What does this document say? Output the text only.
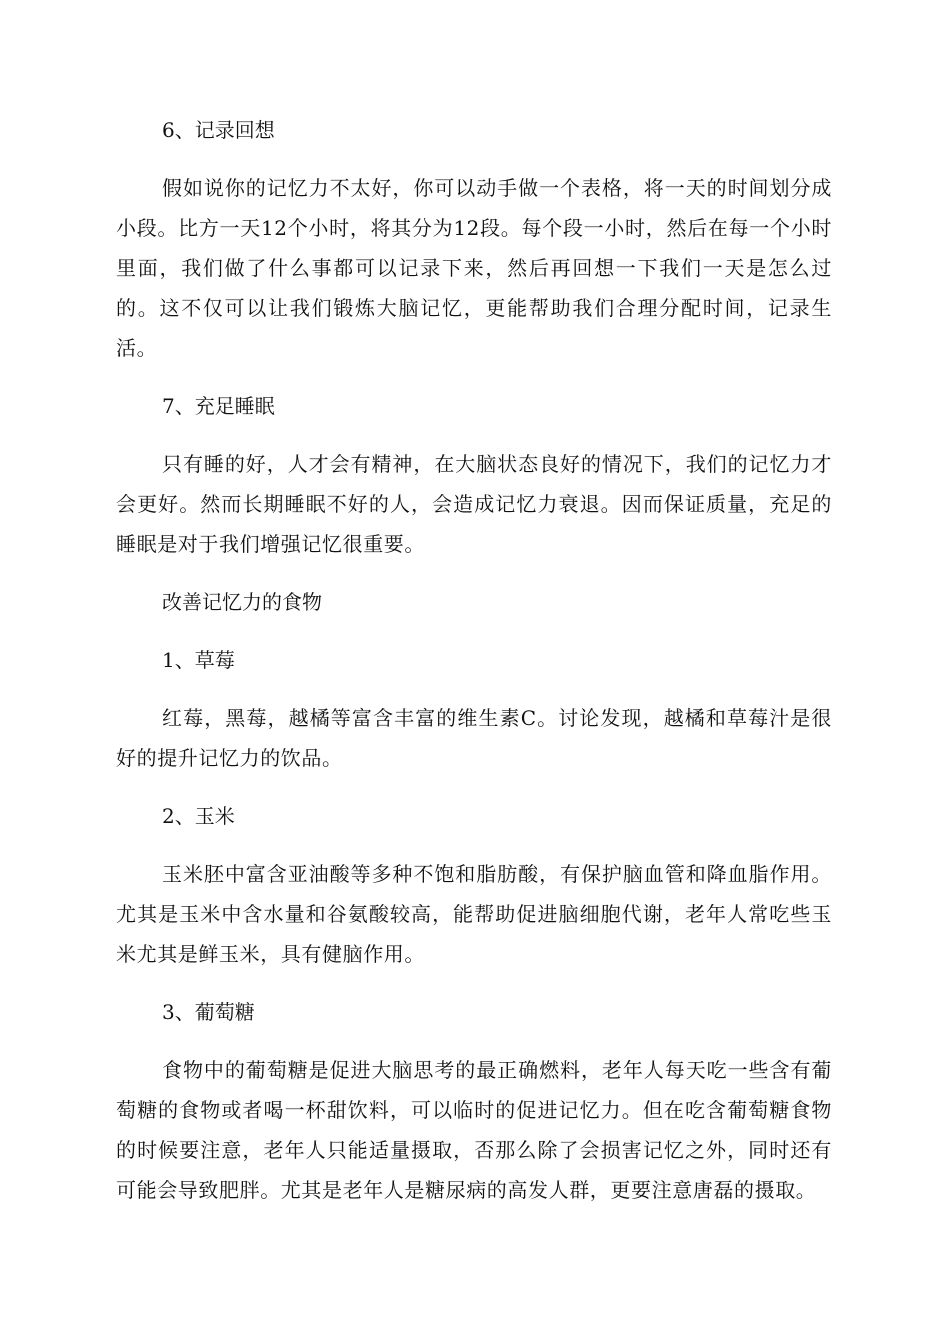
6、记录回想

假如说你的记忆力不太好，你可以动手做一个表格，将一天的时间划分成小段。比方一天12个小时，将其分为12段。每个段一小时，然后在每一个小时里面，我们做了什么事都可以记录下来，然后再回想一下我们一天是怎么过的。这不仅可以让我们锻炼大脑记忆，更能帮助我们合理分配时间，记录生活。

7、充足睡眠

只有睡的好，人才会有精神，在大脑状态良好的情况下，我们的记忆力才会更好。然而长期睡眠不好的人，会造成记忆力衰退。因而保证质量，充足的睡眠是对于我们增强记忆很重要。

改善记忆力的食物
1、草莓

红莓，黑莓，越橘等富含丰富的维生素C。讨论发现，越橘和草莓汁是很好的提升记忆力的饮品。

2、玉米

玉米胚中富含亚油酸等多种不饱和脂肪酸，有保护脑血管和降血脂作用。尤其是玉米中含水量和谷氨酸较高，能帮助促进脑细胞代谢，老年人常吃些玉米尤其是鲜玉米，具有健脑作用。

3、葡萄糖

食物中的葡萄糖是促进大脑思考的最正确燃料，老年人每天吃一些含有葡萄糖的食物或者喝一杯甜饮料，可以临时的促进记忆力。但在吃含葡萄糖食物的时候要注意，老年人只能适量摄取，否那么除了会损害记忆之外，同时还有可能会导致肥胖。尤其是老年人是糖尿病的高发人群，更要注意唐磊的摄取。
